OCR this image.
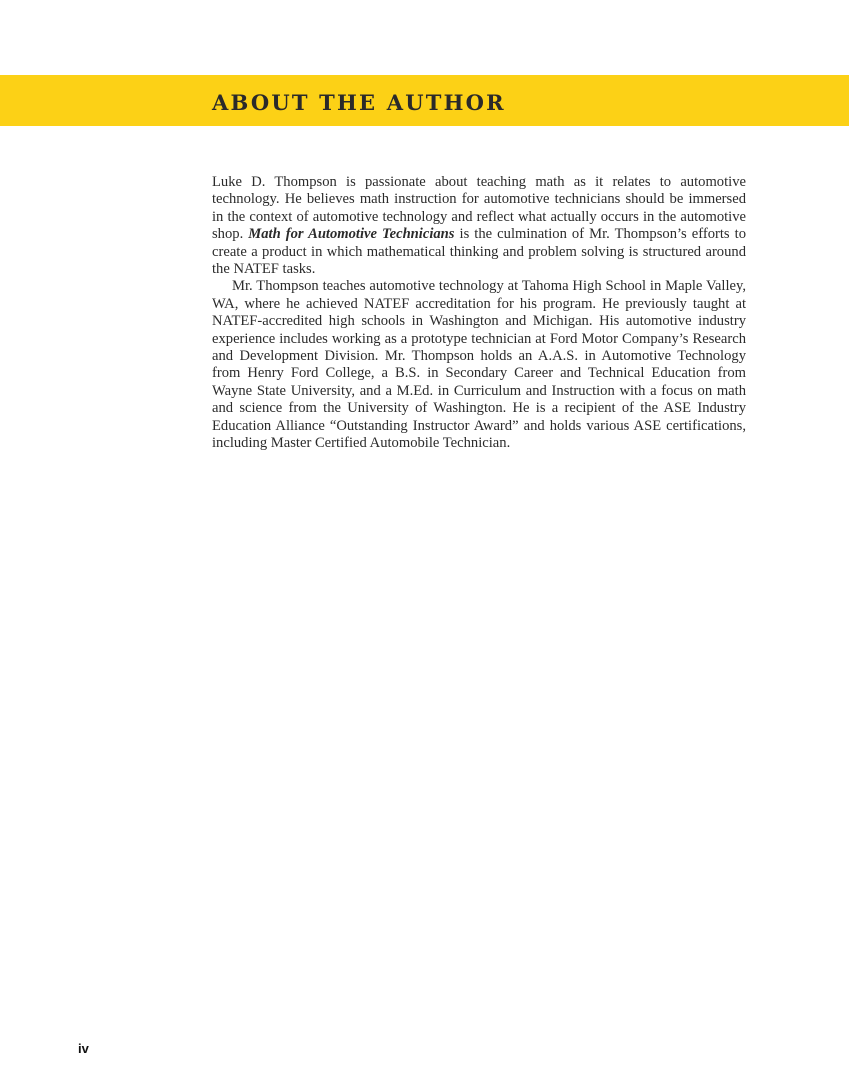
ABOUT THE AUTHOR

Luke D. Thompson is passionate about teaching math as it relates to automotive technology. He believes math instruction for automotive technicians should be immersed in the context of automotive technology and reflect what actually occurs in the automotive shop. Math for Automotive Technicians is the culmination of Mr. Thompson’s efforts to create a product in which mathematical thinking and problem solving is structured around the NATEF tasks.

Mr. Thompson teaches automotive technology at Tahoma High School in Maple Valley, WA, where he achieved NATEF accreditation for his program. He previously taught at NATEF-accredited high schools in Washington and Michigan. His automotive industry experience includes working as a prototype technician at Ford Motor Company’s Research and Development Division. Mr. Thompson holds an A.A.S. in Automotive Technology from Henry Ford College, a B.S. in Secondary Career and Technical Education from Wayne State University, and a M.Ed. in Curriculum and Instruction with a focus on math and science from the University of Washington. He is a recipient of the ASE Industry Education Alliance “Outstanding Instructor Award” and holds various ASE certifications, including Master Certified Automobile Technician.

iv
